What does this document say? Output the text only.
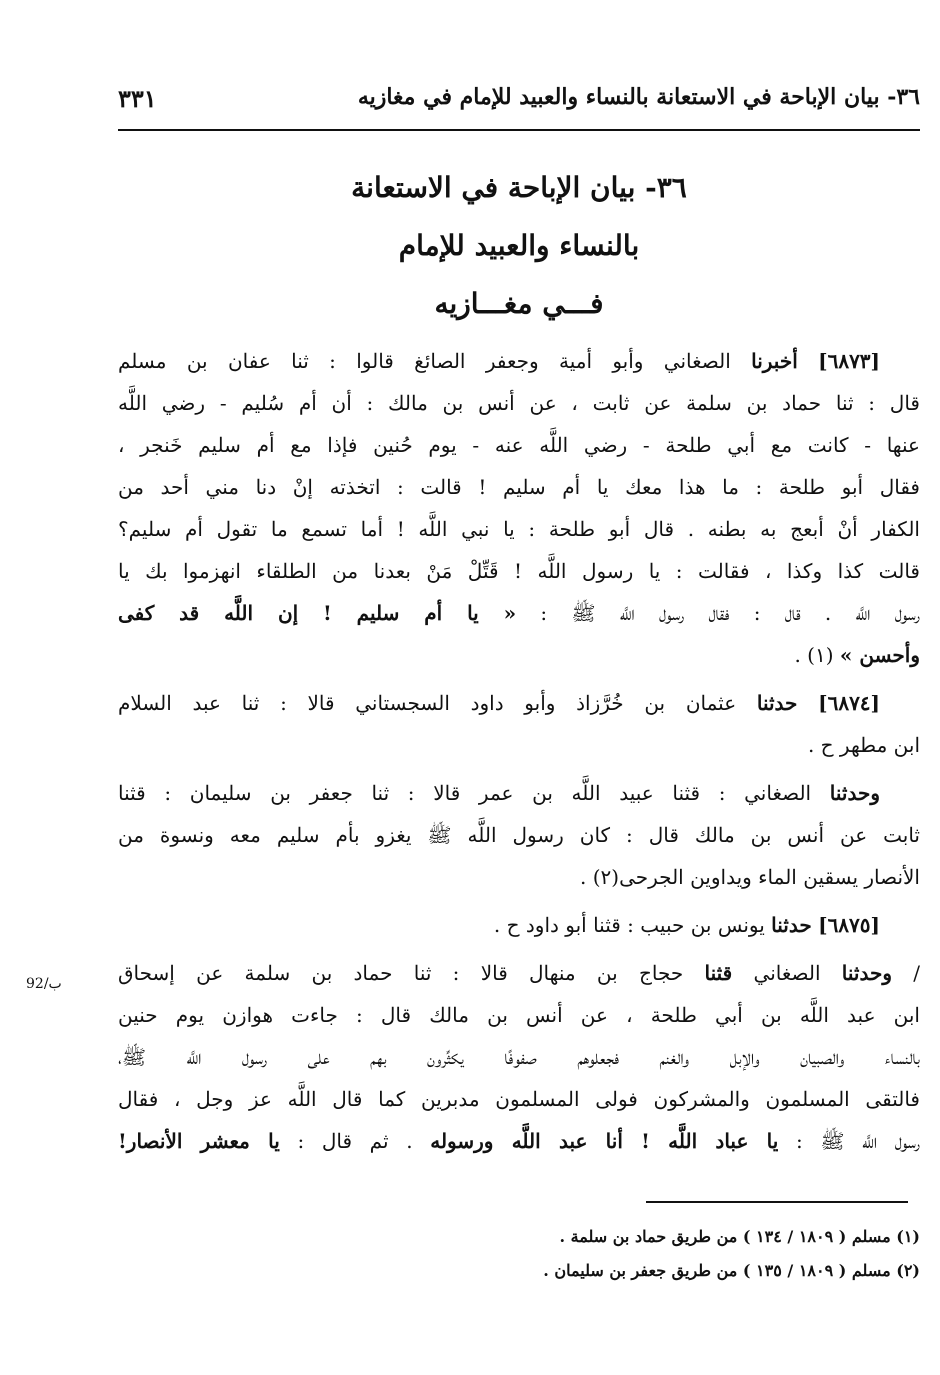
٣٦- بيان الإباحة في الاستعانة بالنساء والعبيد للإمام في مغازيه
٣٣١
٣٦- بيان الإباحة في الاستعانة
بالنساء والعبيد للإمام
فـــي مغـــازيه
[٦٨٧٣] أخبرنا الصغاني وأبو أمية وجعفر الصائغ قالوا : ثنا عفان بن مسلم
قال : ثنا حماد بن سلمة عن ثابت ، عن أنس بن مالك : أن أم سُليم - رضي اللَّه
عنها - كانت مع أبي طلحة - رضي اللَّه عنه - يوم حُنين فإذا مع أم سليم خَنجر ،
فقال أبو طلحة : ما هذا معك يا أم سليم ! قالت : اتخذته إنْ دنا مني أحد من
الكفار أنْ أبعج به بطنه . قال أبو طلحة : يا نبي اللَّه ! أما تسمع ما تقول أم سليم؟
قالت كذا وكذا ، فقالت : يا رسول اللَّه ! قَتِّلْ مَنْ بعدنا من الطلقاء انهزموا بك يا
رسول اللَّه . قال : فقال رسول اللَّه ﷺ : « يا أم سليم ! إن اللَّه قد كفى
وأحسن » (١) .
[٦٨٧٤] حدثنا عثمان بن خُرَّزاذ وأبو داود السجستاني قالا : ثنا عبد السلام
ابن مطهر ح .
وحدثنا الصغاني : قثنا عبيد اللَّه بن عمر قالا : ثنا جعفر بن سليمان : قثنا
ثابت عن أنس بن مالك قال : كان رسول اللَّه ﷺ يغزو بأم سليم معه ونسوة من
الأنصار يسقين الماء ويداوين الجرحى(٢) .
[٦٨٧٥] حدثنا يونس بن حبيب : قثنا أبو داود ح .
/ وحدثنا الصغاني قثنا حجاج بن منهال قالا : ثنا حماد بن سلمة عن إسحاق
ابن عبد اللَّه بن أبي طلحة ، عن أنس بن مالك قال : جاءت هوازن يوم حنين
بالنساء والصبيان والإبل والغنم فجعلوهم صفوفًا يكثِّرون بهم على رسول اللَّه ﷺ،
فالتقى المسلمون والمشركون فولى المسلمون مدبرين كما قال اللَّه عز وجل ، فقال
رسول اللَّه ﷺ : يا عباد اللَّه ! أنا عبد اللَّه ورسوله . ثم قال : يا معشر الأنصار!
92/ب
(١) مسلم ( ١٨٠٩ / ١٣٤ ) من طريق حماد بن سلمة .
(٢) مسلم ( ١٨٠٩ / ١٣٥ ) من طريق جعفر بن سليمان .
